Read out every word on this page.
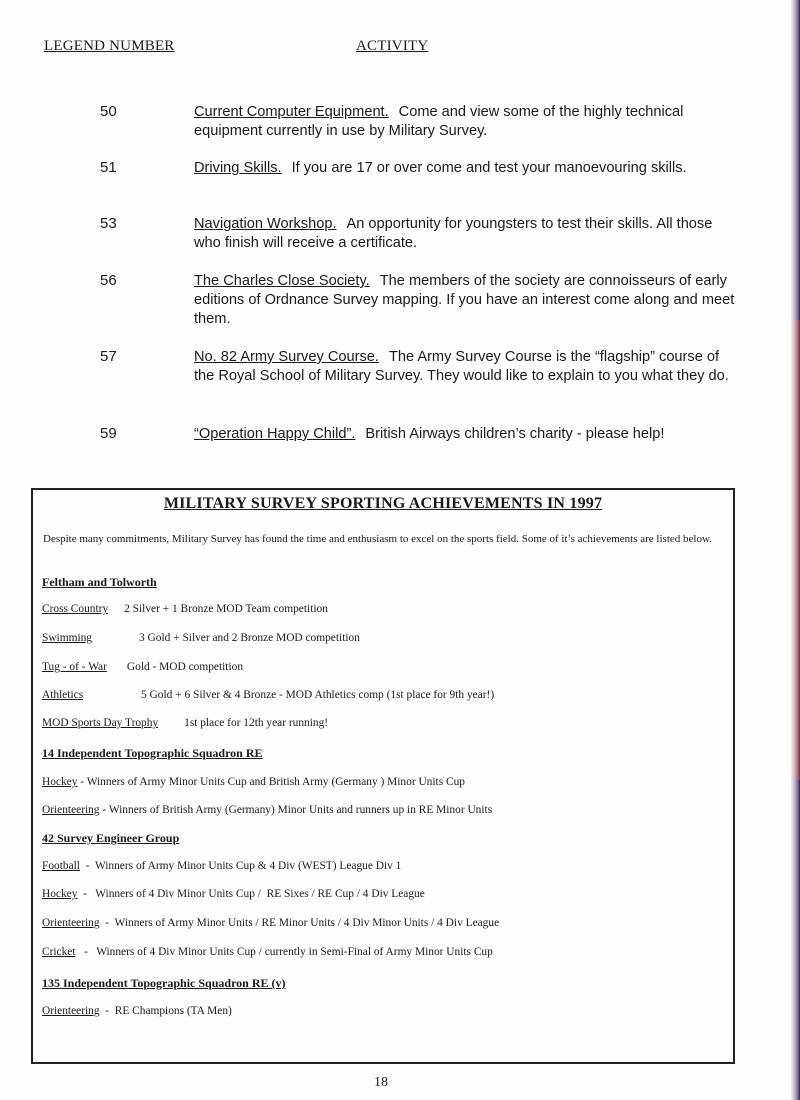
LEGEND NUMBER	ACTIVITY
50	Current Computer Equipment. Come and view some of the highly technical equipment currently in use by Military Survey.
51	Driving Skills. If you are 17 or over come and test your manoevouring skills.
53	Navigation Workshop. An opportunity for youngsters to test their skills. All those who finish will receive a certificate.
56	The Charles Close Society. The members of the society are connoisseurs of early editions of Ordnance Survey mapping. If you have an interest come along and meet them.
57	No. 82 Army Survey Course. The Army Survey Course is the “flagship” course of the Royal School of Military Survey. They would like to explain to you what they do.
59	“Operation Happy Child”. British Airways children’s charity - please help!
MILITARY SURVEY SPORTING ACHIEVEMENTS IN 1997
Despite many commitments, Military Survey has found the time and enthusiasm to excel on the sports field. Some of it’s achievements are listed below.
Feltham and Tolworth
Cross Country 2 Silver + 1 Bronze MOD Team competition
Swimming	3 Gold + Silver and 2 Bronze MOD competition
Tug - of - War Gold - MOD competition
Athletics	5 Gold + 6 Silver & 4 Bronze - MOD Athletics comp (1st place for 9th year!)
MOD Sports Day Trophy 1st place for 12th year running!
14 Independent Topographic Squadron RE
Hockey - Winners of Army Minor Units Cup and British Army (Germany ) Minor Units Cup
Orienteering - Winners of British Army (Germany) Minor Units and runners up in RE Minor Units
42 Survey Engineer Group
Football  -  Winners of Army Minor Units Cup & 4 Div (WEST) League Div 1
Hockey  -   Winners of 4 Div Minor Units Cup /  RE Sixes / RE Cup / 4 Div League
Orienteering  -  Winners of Army Minor Units / RE Minor Units / 4 Div Minor Units / 4 Div League
Cricket   -   Winners of 4 Div Minor Units Cup / currently in Semi-Final of Army Minor Units Cup
135 Independent Topographic Squadron RE (v)
Orienteering  -  RE Champions (TA Men)
18
